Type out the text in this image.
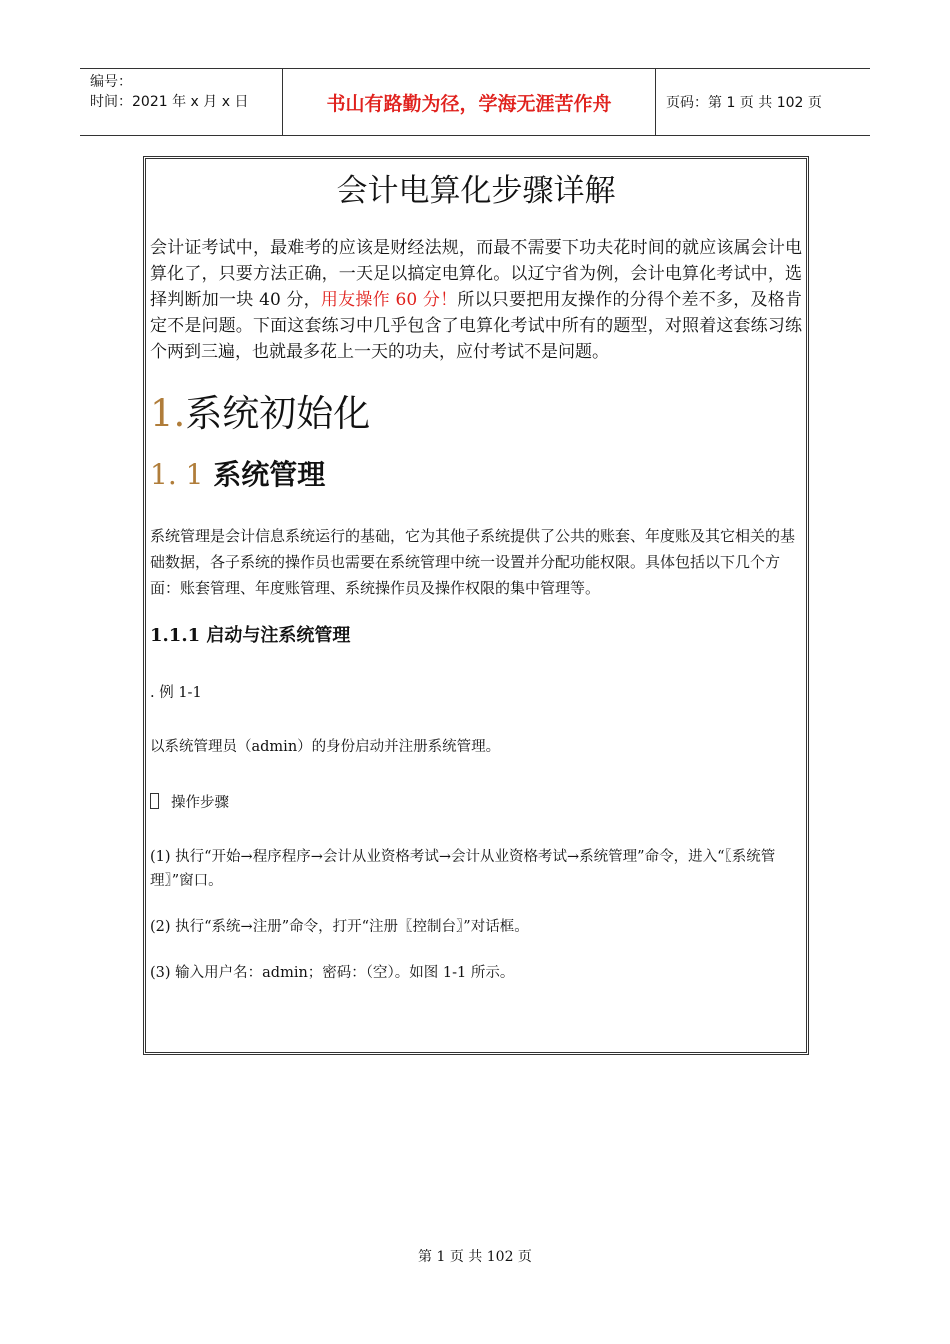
编号：
时间：2021 年 x 月 x 日	书山有路勤为径，学海无涯苦作舟	页码：第 1 页 共 102 页
会计电算化步骤详解
会计证考试中，最难考的应该是财经法规，而最不需要下功夫花时间的就应该属会计电算化了，只要方法正确，一天足以搞定电算化。以辽宁省为例，会计电算化考试中，选择判断加一块 40 分，用友操作 60 分！所以只要把用友操作的分得个差不多，及格肯定不是问题。下面这套练习中几乎包含了电算化考试中所有的题型，对照着这套练习练个两到三遍，也就最多花上一天的功夫，应付考试不是问题。
1.系统初始化
1. 1 系统管理
系统管理是会计信息系统运行的基础，它为其他子系统提供了公共的账套、年度账及其它相关的基础数据，各子系统的操作员也需要在系统管理中统一设置并分配功能权限。具体包括以下几个方面：账套管理、年度账管理、系统操作员及操作权限的集中管理等。
1.1.1 启动与注系统管理
. 例 1-1
以系统管理员（admin）的身份启动并注册系统管理。
操作步骤
(1) 执行“开始→程序程序→会计从业资格考试→会计从业资格考试→系统管理”命令，进入“〖系统管理〗”窗口。
(2) 执行“系统→注册”命令，打开“注册〖控制台〗”对话框。
(3) 输入用户名：admin；密码：（空）。如图 1-1 所示。
第 1 页 共 102 页
